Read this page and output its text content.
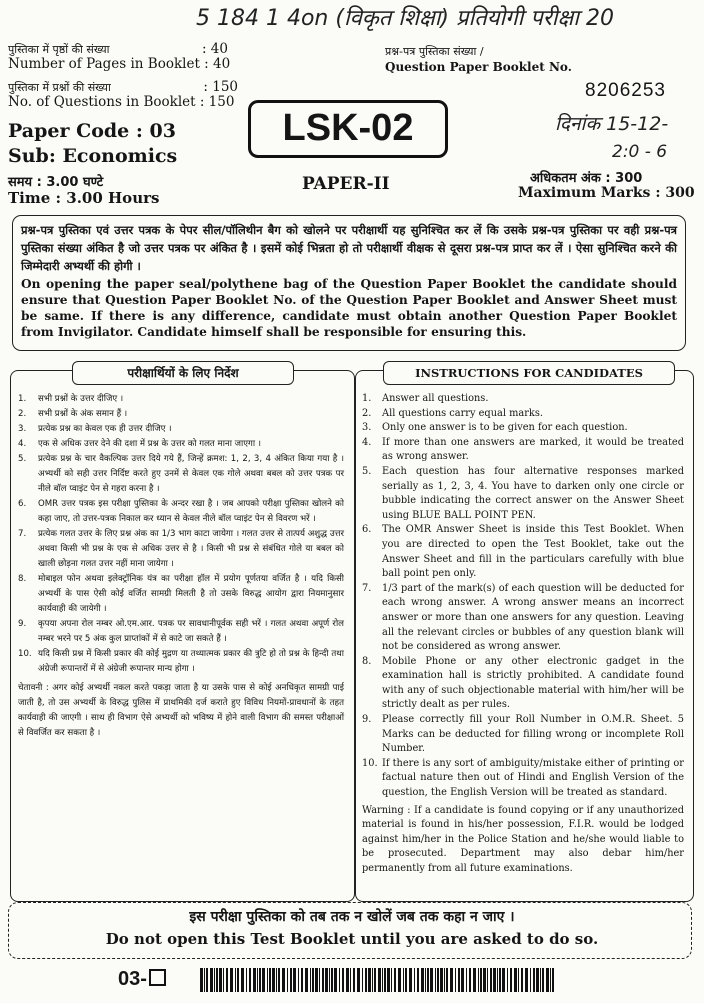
5 184 1 4on (विकृत शिक्षा) प्रतियोगी परीक्षा 20
दिनांक 15-12-
2:0 - 6
पुस्तिका में पृष्ठों की संख्या	: 40
Number of Pages in Booklet : 40
पुस्तिका में प्रश्नों की संख्या	: 150
No. of Questions in Booklet : 150
Paper Code : 03
Sub: Economics
समय : 3.00 घण्टे
Time : 3.00 Hours
प्रश्न-पत्र पुस्तिका संख्या /
Question Paper Booklet No.
8206253
LSK-02
PAPER-II	अधिकतम अंक : 300
Maximum Marks : 300
प्रश्न-पत्र पुस्तिका एवं उत्तर पत्रक के पेपर सील/पॉलिथीन बैग को खोलने पर परीक्षार्थी यह सुनिश्चित कर लें कि उसके प्रश्न-पत्र पुस्तिका पर वही प्रश्न-पत्र पुस्तिका संख्या अंकित है जो उत्तर पत्रक पर अंकित है । इसमें कोई भिन्नता हो तो परीक्षार्थी वीक्षक से दूसरा प्रश्न-पत्र प्राप्त कर लें । ऐसा सुनिश्चित करने की जिम्मेदारी अभ्यर्थी की होगी ।
On opening the paper seal/polythene bag of the Question Paper Booklet the candidate should ensure that Question Paper Booklet No. of the Question Paper Booklet and Answer Sheet must be same. If there is any difference, candidate must obtain another Question Paper Booklet from Invigilator. Candidate himself shall be responsible for ensuring this.
परीक्षार्थियों के लिए निर्देश
1.	सभी प्रश्नों के उत्तर दीजिए ।
2.	सभी प्रश्नों के अंक समान हैं ।
3.	प्रत्येक प्रश्न का केवल एक ही उत्तर दीजिए ।
4.	एक से अधिक उत्तर देने की दशा में प्रश्न के उत्तर को गलत माना जाएगा ।
5.	प्रत्येक प्रश्न के चार वैकल्पिक उत्तर दिये गये हैं, जिन्हें क्रमश: 1, 2, 3, 4 अंकित किया गया है । अभ्यर्थी को सही उत्तर निर्दिष्ट करते हुए उनमें से केवल एक गोले अथवा बबल को उत्तर पत्रक पर नीले बॉल प्वाइंट पेन से गहरा करना है ।
6.	OMR उत्तर पत्रक इस परीक्षा पुस्तिका के अन्दर रखा है । जब आपको परीक्षा पुस्तिका खोलने को कहा जाए, तो उत्तर-पत्रक निकाल कर ध्यान से केवल नीले बॉल प्वाइंट पेन से विवरण भरें ।
7.	प्रत्येक गलत उत्तर के लिए प्रश्न अंक का 1/3 भाग काटा जायेगा । गलत उत्तर से तात्पर्य अशुद्ध उत्तर अथवा किसी भी प्रश्न के एक से अधिक उत्तर से है । किसी भी प्रश्न से संबंधित गोले या बबल को खाली छोड़ना गलत उत्तर नहीं माना जायेगा ।
8.	मोबाइल फोन अथवा इलेक्ट्रॉनिक यंत्र का परीक्षा हॉल में प्रयोग पूर्णतया वर्जित है । यदि किसी अभ्यर्थी के पास ऐसी कोई वर्जित सामग्री मिलती है तो उसके विरुद्ध आयोग द्वारा नियमानुसार कार्यवाही की जायेगी ।
9.	कृपया अपना रोल नम्बर ओ.एम.आर. पत्रक पर सावधानीपूर्वक सही भरें । गलत अथवा अपूर्ण रोल नम्बर भरने पर 5 अंक कुल प्राप्तांकों में से काटे जा सकते हैं ।
10. यदि किसी प्रश्न में किसी प्रकार की कोई मुद्रण या तथ्यात्मक प्रकार की त्रुटि हो तो प्रश्न के हिन्दी तथा अंग्रेजी रूपान्तरों में से अंग्रेजी रूपान्तर मान्य होगा ।
चेतावनी : अगर कोई अभ्यर्थी नकल करते पकड़ा जाता है या उसके पास से कोई अनधिकृत सामग्री पाई जाती है, तो उस अभ्यर्थी के विरुद्ध पुलिस में प्राथमिकी दर्ज कराते हुए विविध नियमों-प्रावधानों के तहत कार्यवाही की जाएगी । साथ ही विभाग ऐसे अभ्यर्थी को भविष्य में होने वाली विभाग की समस्त परीक्षाओं से विवर्जित कर सकता है ।
INSTRUCTIONS FOR CANDIDATES
1.	Answer all questions.
2.	All questions carry equal marks.
3.	Only one answer is to be given for each question.
4.	If more than one answers are marked, it would be treated as wrong answer.
5.	Each question has four alternative responses marked serially as 1, 2, 3, 4. You have to darken only one circle or bubble indicating the correct answer on the Answer Sheet using BLUE BALL POINT PEN.
6.	The OMR Answer Sheet is inside this Test Booklet. When you are directed to open the Test Booklet, take out the Answer Sheet and fill in the particulars carefully with blue ball point pen only.
7.	1/3 part of the mark(s) of each question will be deducted for each wrong answer. A wrong answer means an incorrect answer or more than one answers for any question. Leaving all the relevant circles or bubbles of any question blank will not be considered as wrong answer.
8.	Mobile Phone or any other electronic gadget in the examination hall is strictly prohibited. A candidate found with any of such objectionable material with him/her will be strictly dealt as per rules.
9.	Please correctly fill your Roll Number in O.M.R. Sheet. 5 Marks can be deducted for filling wrong or incomplete Roll Number.
10. If there is any sort of ambiguity/mistake either of printing or factual nature then out of Hindi and English Version of the question, the English Version will be treated as standard.
Warning : If a candidate is found copying or if any unauthorized material is found in his/her possession, F.I.R. would be lodged against him/her in the Police Station and he/she would liable to be prosecuted. Department may also debar him/her permanently from all future examinations.
इस परीक्षा पुस्तिका को तब तक न खोलें जब तक कहा न जाए ।
Do not open this Test Booklet until you are asked to do so.
03-
